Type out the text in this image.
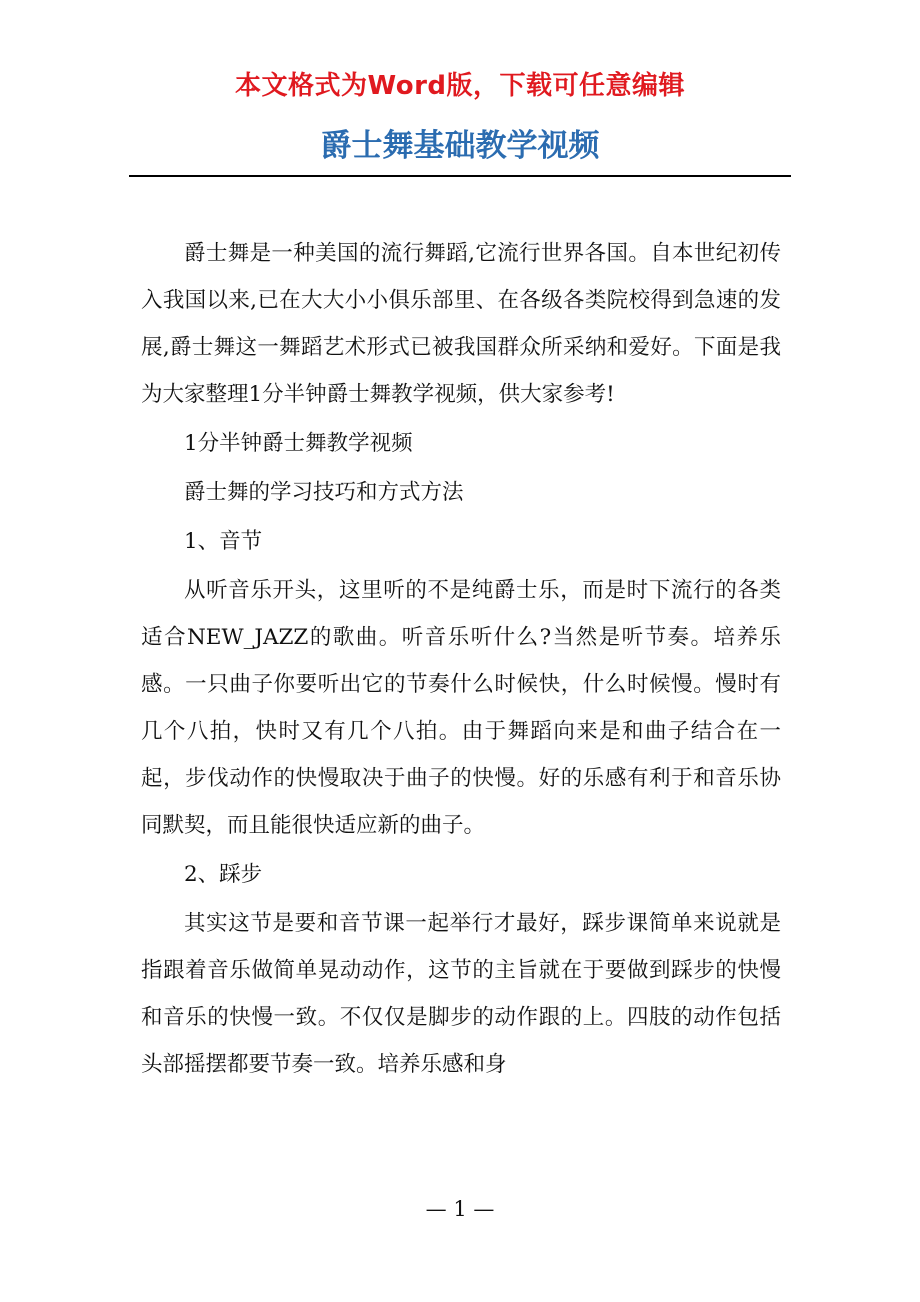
本文格式为Word版，下载可任意编辑
爵士舞基础教学视频

爵士舞是一种美国的流行舞蹈,它流行世界各国。自本世纪初传入我国以来,已在大大小小俱乐部里、在各级各类院校得到急速的发展,爵士舞这一舞蹈艺术形式已被我国群众所采纳和爱好。下面是我为大家整理1分半钟爵士舞教学视频，供大家参考!

1分半钟爵士舞教学视频

爵士舞的学习技巧和方式方法

1、音节

从听音乐开头，这里听的不是纯爵士乐，而是时下流行的各类适合NEW_JAZZ的歌曲。听音乐听什么?当然是听节奏。培养乐感。一只曲子你要听出它的节奏什么时候快，什么时候慢。慢时有几个八拍，快时又有几个八拍。由于舞蹈向来是和曲子结合在一起，步伐动作的快慢取决于曲子的快慢。好的乐感有利于和音乐协同默契，而且能很快适应新的曲子。

2、踩步

其实这节是要和音节课一起举行才最好，踩步课简单来说就是指跟着音乐做简单晃动动作，这节的主旨就在于要做到踩步的快慢和音乐的快慢一致。不仅仅是脚步的动作跟的上。四肢的动作包括头部摇摆都要节奏一致。培养乐感和身

— 1 —
